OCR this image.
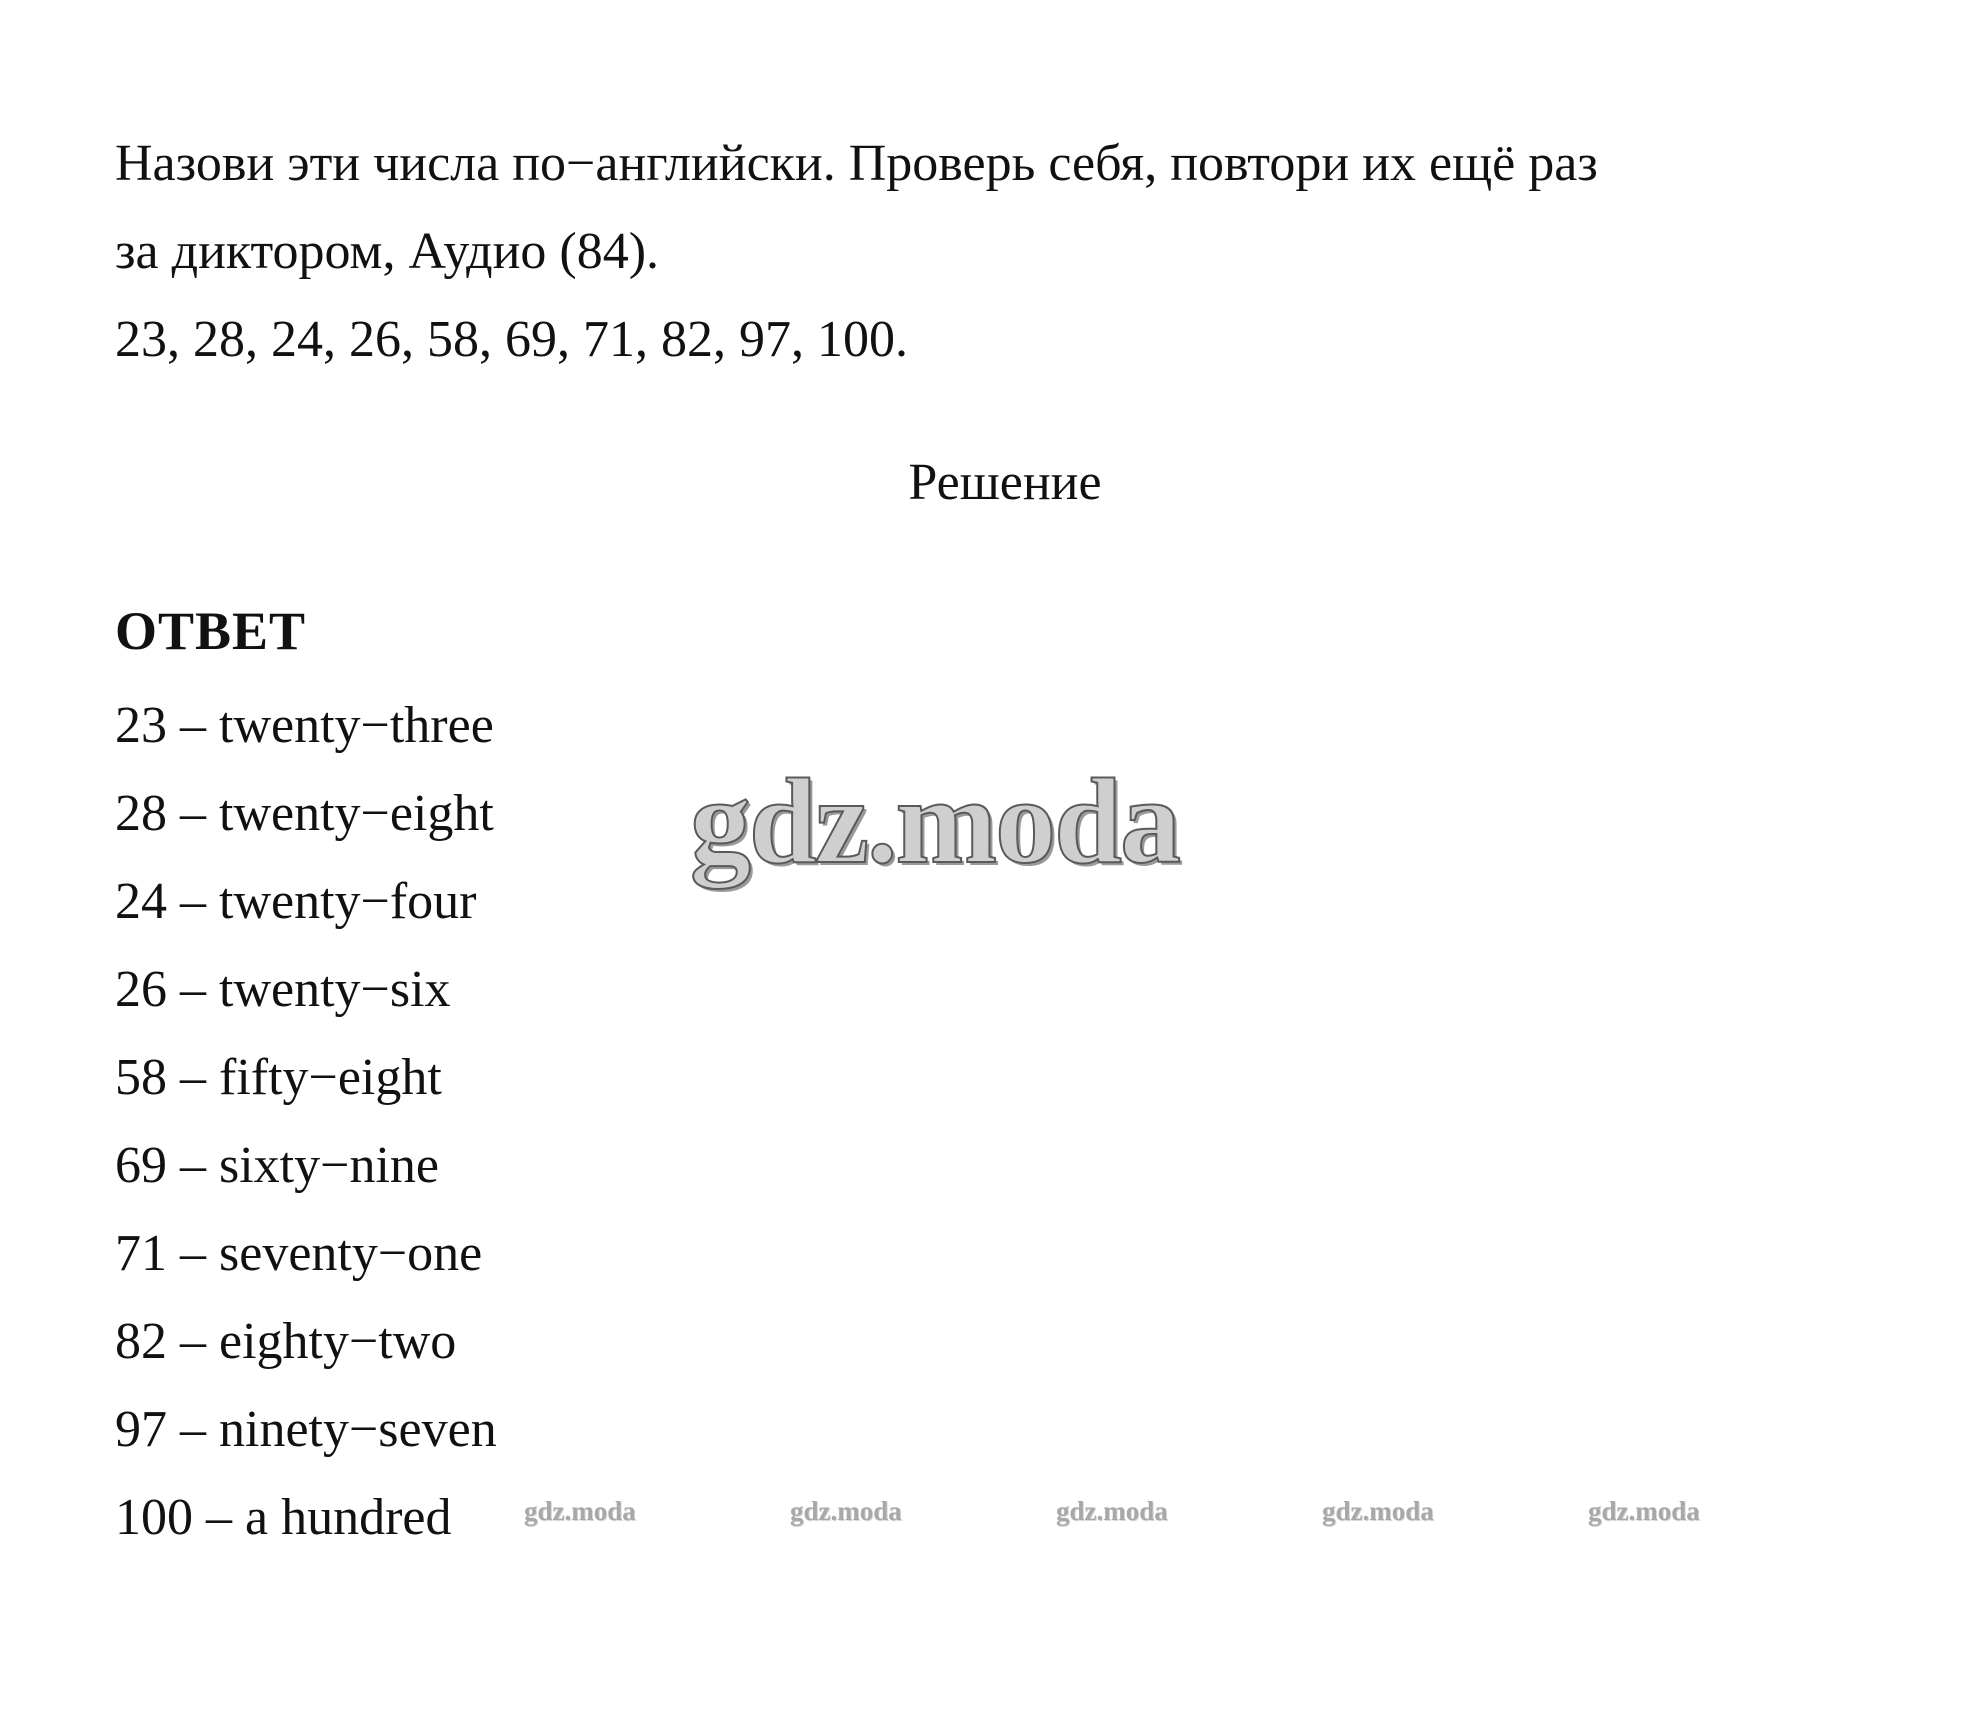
Назови эти числа по−английски. Проверь себя, повтори их ещё раз
за диктором, Аудио (84).
23, 28, 24, 26, 58, 69, 71, 82, 97, 100.
Решение
ОТВЕТ
23 – twenty−three
28 – twenty−eight
24 – twenty−four
26 – twenty−six
58 – fifty−eight
69 – sixty−nine
71 – seventy−one
82 – eighty−two
97 – ninety−seven
100 – a hundred
gdz.moda
gdz.moda	gdz.moda	gdz.moda	gdz.moda	gdz.moda
